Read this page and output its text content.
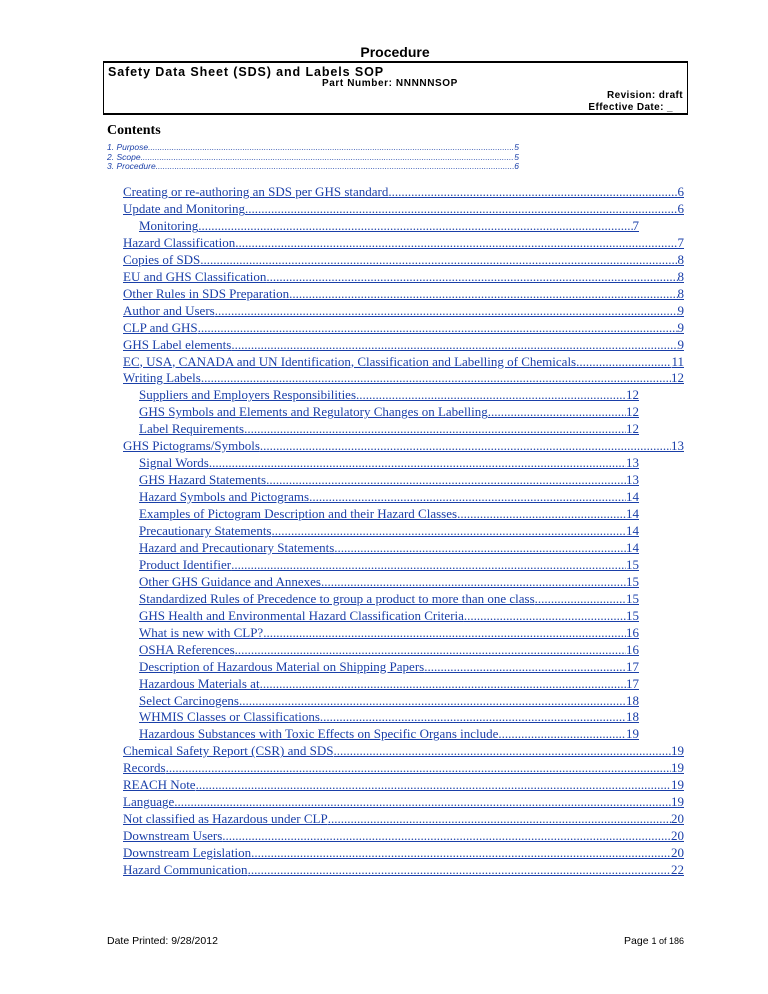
Procedure
Safety Data Sheet (SDS) and Labels SOP
Part Number: NNNNNSOP
Revision: draft
Effective Date: _
Contents
1. Purpose .....	5
2. Scope .....	5
3. Procedure .....	6
Creating or re-authoring an SDS per GHS standard .....	6
Update and Monitoring .....	6
Monitoring .....	7
Hazard Classification .....	7
Copies of SDS .....	8
EU and GHS Classification .....	8
Other Rules in SDS Preparation .....	8
Author and Users .....	9
CLP and GHS .....	9
GHS Label elements .....	9
EC, USA, CANADA and UN Identification, Classification and Labelling of Chemicals .....	11
Writing Labels .....	12
Suppliers and Employers Responsibilities .....	12
GHS Symbols and Elements and Regulatory Changes on Labelling .....	12
Label Requirements .....	12
GHS Pictograms/Symbols .....	13
Signal Words .....	13
GHS Hazard Statements .....	13
Hazard Symbols and Pictograms .....	14
Examples of Pictogram Description and their Hazard Classes .....	14
Precautionary Statements .....	14
Hazard and Precautionary Statements .....	14
Product Identifier .....	15
Other GHS Guidance and Annexes .....	15
Standardized Rules of Precedence to group a product to more than one class .....	15
GHS Health and Environmental Hazard Classification Criteria .....	15
What is new with CLP? .....	16
OSHA References .....	16
Description of Hazardous Material on Shipping Papers .....	17
Hazardous Materials at .....	17
Select Carcinogens .....	18
WHMIS Classes or Classifications .....	18
Hazardous Substances with Toxic Effects on Specific Organs include .....	19
Chemical Safety Report (CSR) and SDS .....	19
Records .....	19
REACH Note .....	19
Language .....	19
Not classified as Hazardous under CLP .....	20
Downstream Users .....	20
Downstream Legislation .....	20
Hazard Communication .....	22
Date Printed: 9/28/2012	Page 1 of 186
